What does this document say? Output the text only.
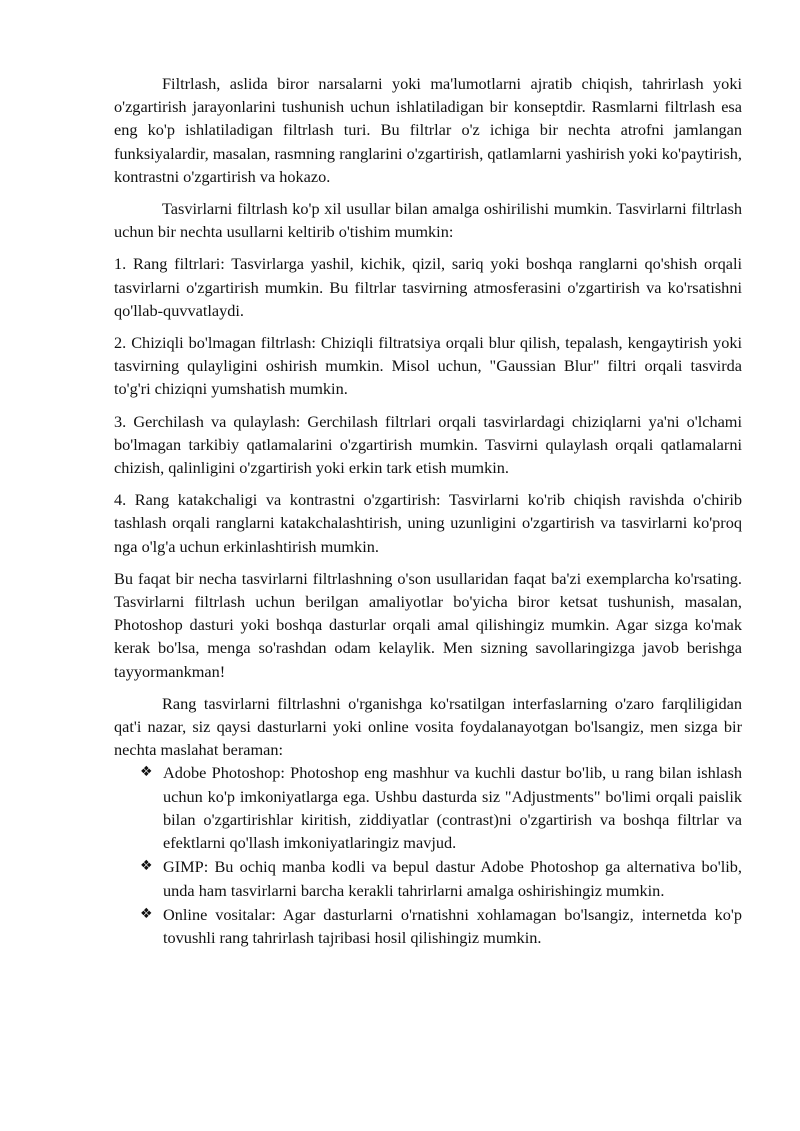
Filtrlash, aslida biror narsalarni yoki ma'lumotlarni ajratib chiqish, tahrirlash yoki o'zgartirish jarayonlarini tushunish uchun ishlatiladigan bir konseptdir. Rasmlarni filtrlash esa eng ko'p ishlatiladigan filtrlash turi. Bu filtrlar o'z ichiga bir nechta atrofni jamlangan funksiyalardir, masalan, rasmning ranglarini o'zgartirish, qatlamlarni yashirish yoki ko'paytirish, kontrastni o'zgartirish va hokazo.

Tasvirlarni filtrlash ko'p xil usullar bilan amalga oshirilishi mumkin. Tasvirlarni filtrlash uchun bir nechta usullarni keltirib o'tishim mumkin:

1. Rang filtrlari: Tasvirlarga yashil, kichik, qizil, sariq yoki boshqa ranglarni qo'shish orqali tasvirlarni o'zgartirish mumkin. Bu filtrlar tasvirning atmosferasini o'zgartirish va ko'rsatishni qo'llab-quvvatlaydi.

2. Chiziqli bo'lmagan filtrlash: Chiziqli filtratsiya orqali blur qilish, tepalash, kengaytirish yoki tasvirning qulayligini oshirish mumkin. Misol uchun, "Gaussian Blur" filtri orqali tasvirda to'g'ri chiziqni yumshatish mumkin.

3. Gerchilash va qulaylash: Gerchilash filtrlari orqali tasvirlardagi chiziqlarni ya'ni o'lchami bo'lmagan tarkibiy qatlamalarini o'zgartirish mumkin. Tasvirni qulaylash orqali qatlamalarni chizish, qalinligini o'zgartirish yoki erkin tark etish mumkin.

4. Rang katakchaligi va kontrastni o'zgartirish: Tasvirlarni ko'rib chiqish ravishda o'chirib tashlash orqali ranglarni katakchalashtirish, uning uzunligini o'zgartirish va tasvirlarni ko'proq nga o'lg'a uchun erkinlashtirish mumkin.

Bu faqat bir necha tasvirlarni filtrlashning o'son usullaridan faqat ba'zi exemplarcha ko'rsating. Tasvirlarni filtrlash uchun berilgan amaliyotlar bo'yicha biror ketsat tushunish, masalan, Photoshop dasturi yoki boshqa dasturlar orqali amal qilishingiz mumkin. Agar sizga ko'mak kerak bo'lsa, menga so'rashdan odam kelaylik. Men sizning savollaringizga javob berishga tayyormankman!

Rang tasvirlarni filtrlashni o'rganishga ko'rsatilgan interfaslarning o'zaro farqliligidan qat'i nazar, siz qaysi dasturlarni yoki online vosita foydalanayotgan bo'lsangiz, men sizga bir nechta maslahat beraman:

❖ Adobe Photoshop: Photoshop eng mashhur va kuchli dastur bo'lib, u rang bilan ishlash uchun ko'p imkoniyatlarga ega. Ushbu dasturda siz "Adjustments" bo'limi orqali paislik bilan o'zgartirishlar kiritish, ziddiyatlar (contrast)ni o'zgartirish va boshqa filtrlar va efektlarni qo'llash imkoniyatlaringiz mavjud.
❖ GIMP: Bu ochiq manba kodli va bepul dastur Adobe Photoshop ga alternativa bo'lib, unda ham tasvirlarni barcha kerakli tahrirlarni amalga oshirishingiz mumkin.
❖ Online vositalar: Agar dasturlarni o'rnatishni xohlamagan bo'lsangiz, internetda ko'p tovushli rang tahrirlash tajribasi hosil qilishingiz mumkin.
